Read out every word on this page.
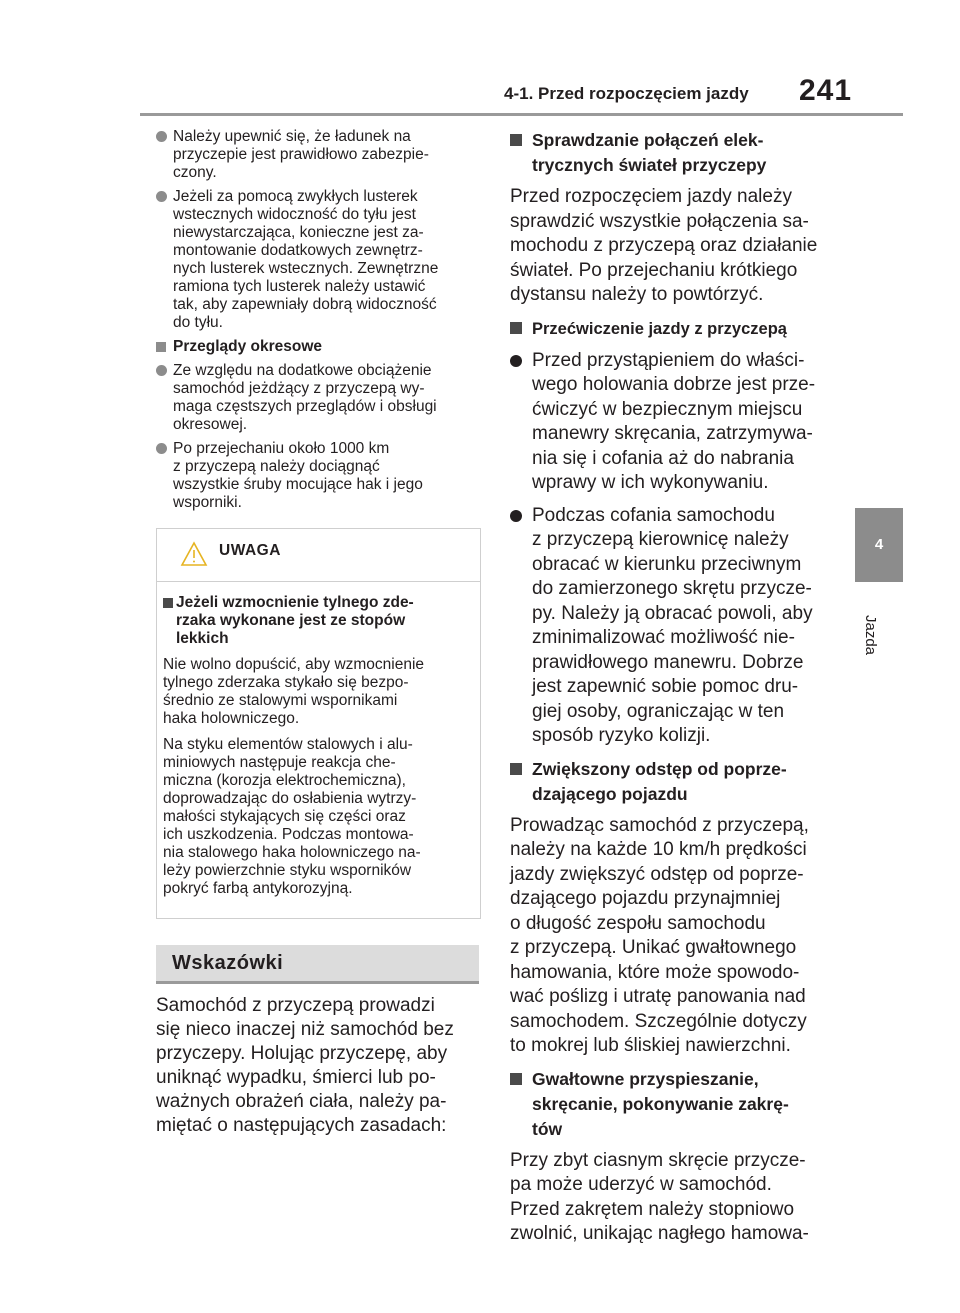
4-1. Przed rozpoczęciem jazdy 241
4
Jazda
Należy upewnić się, że ładunek na
przyczepie jest prawidłowo zabezpie-
czony.
Jeżeli za pomocą zwykłych lusterek
wstecznych widoczność do tyłu jest
niewystarczająca, konieczne jest za-
montowanie dodatkowych zewnętrz-
nych lusterek wstecznych. Zewnętrzne
ramiona tych lusterek należy ustawić
tak, aby zapewniały dobrą widoczność
do tyłu.
Przeglądy okresowe
Ze względu na dodatkowe obciążenie
samochód jeżdżący z przyczepą wy-
maga częstszych przeglądów i obsługi
okresowej.
Po przejechaniu około 1000 km
z przyczepą należy dociągnąć
wszystkie śruby mocujące hak i jego
wsporniki.
UWAGA
Jeżeli wzmocnienie tylnego zde-
rzaka wykonane jest ze stopów
lekkich
Nie wolno dopuścić, aby wzmocnienie
tylnego zderzaka stykało się bezpo-
średnio ze stalowymi wspornikami
haka holowniczego.
Na styku elementów stalowych i alu-
miniowych następuje reakcja che-
miczna (korozja elektrochemiczna),
doprowadzając do osłabienia wytrzy-
małości stykających się części oraz
ich uszkodzenia. Podczas montowa-
nia stalowego haka holowniczego na-
leży powierzchnie styku wsporników
pokryć farbą antykorozyjną.
Wskazówki
Samochód z przyczepą prowadzi
się nieco inaczej niż samochód bez
przyczepy. Holując przyczepę, aby
uniknąć wypadku, śmierci lub po-
ważnych obrażeń ciała, należy pa-
miętać o następujących zasadach:
Sprawdzanie połączeń elek-
trycznych świateł przyczepy
Przed rozpoczęciem jazdy należy
sprawdzić wszystkie połączenia sa-
mochodu z przyczepą oraz działanie
świateł. Po przejechaniu krótkiego
dystansu należy to powtórzyć.
Przećwiczenie jazdy z przyczepą
Przed przystąpieniem do właści-
wego holowania dobrze jest prze-
ćwiczyć w bezpiecznym miejscu
manewry skręcania, zatrzymywa-
nia się i cofania aż do nabrania
wprawy w ich wykonywaniu.
Podczas cofania samochodu
z przyczepą kierownicę należy
obracać w kierunku przeciwnym
do zamierzonego skrętu przycze-
py. Należy ją obracać powoli, aby
zminimalizować możliwość nie-
prawidłowego manewru. Dobrze
jest zapewnić sobie pomoc dru-
giej osoby, ograniczając w ten
sposób ryzyko kolizji.
Zwiększony odstęp od poprze-
dzającego pojazdu
Prowadząc samochód z przyczepą,
należy na każde 10 km/h prędkości
jazdy zwiększyć odstęp od poprze-
dzającego pojazdu przynajmniej
o długość zespołu samochodu
z przyczepą. Unikać gwałtownego
hamowania, które może spowodo-
wać poślizg i utratę panowania nad
samochodem. Szczególnie dotyczy
to mokrej lub śliskiej nawierzchni.
Gwałtowne przyspieszanie,
skręcanie, pokonywanie zakrę-
tów
Przy zbyt ciasnym skręcie przycze-
pa może uderzyć w samochód.
Przed zakrętem należy stopniowo
zwolnić, unikając nagłego hamowa-
